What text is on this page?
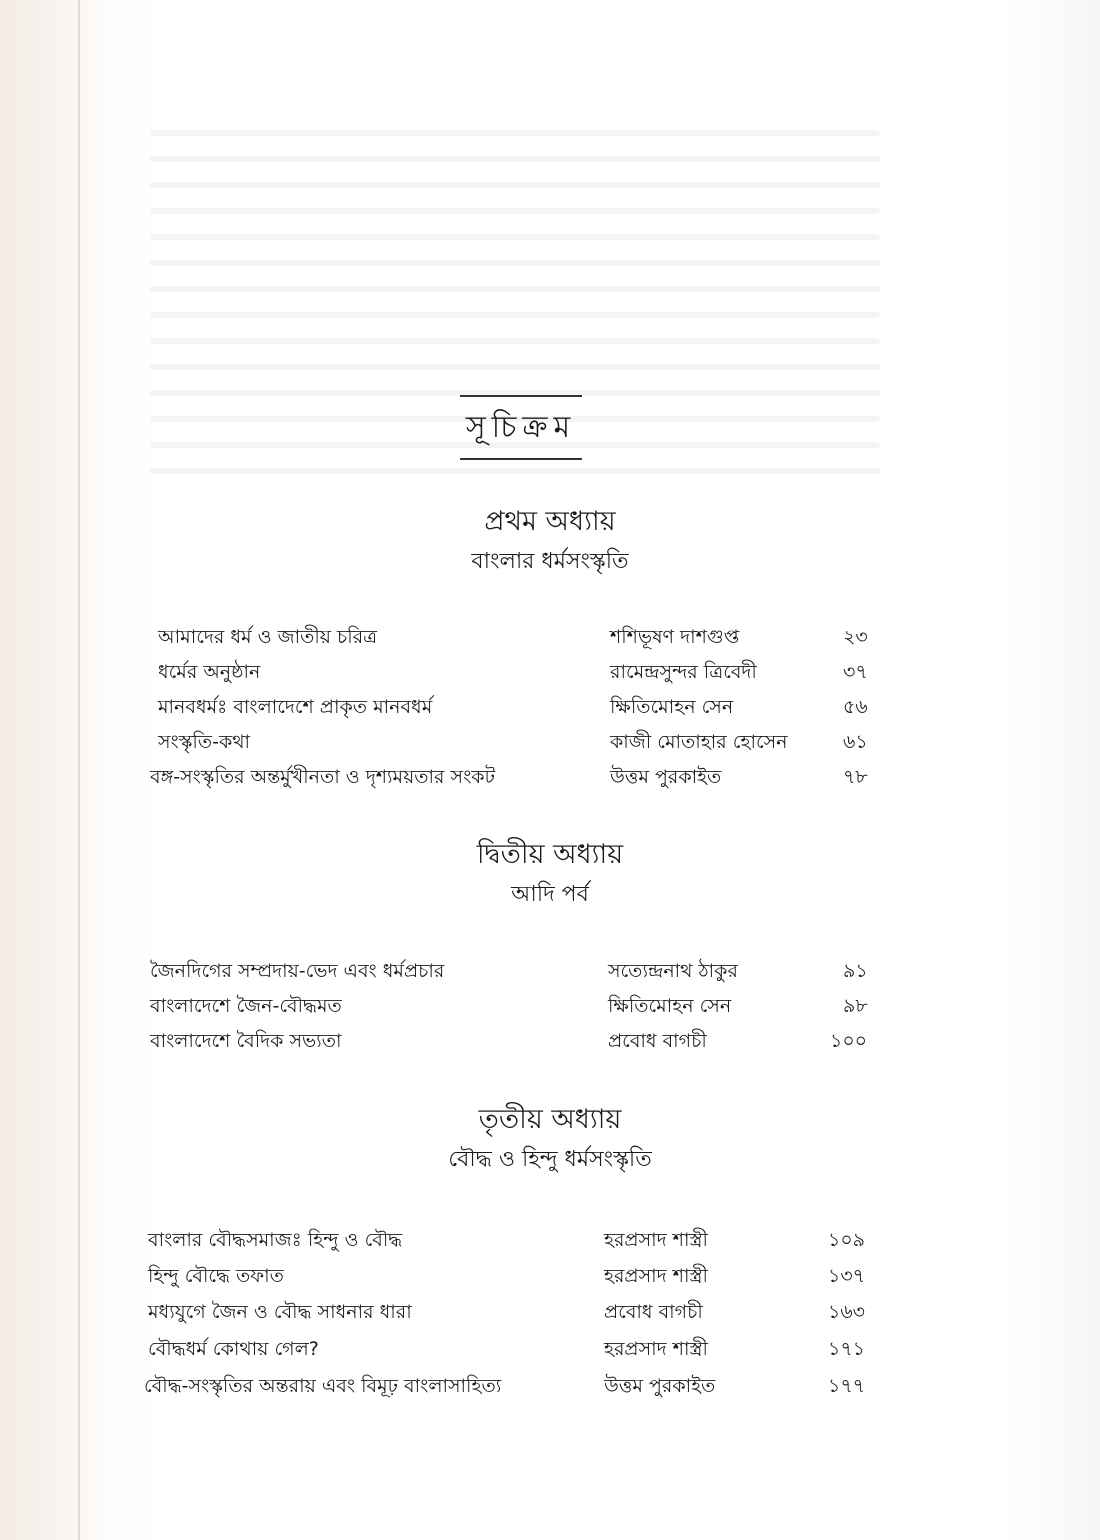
সূচিক্রম
প্রথম অধ্যায়
বাংলার ধর্মসংস্কৃতি
দ্বিতীয় অধ্যায়
আদি পর্ব
তৃতীয় অধ্যায়
বৌদ্ধ ও হিন্দু ধর্মসংস্কৃতি
আমাদের ধর্ম ও জাতীয় চরিত্র	শশিভূষণ দাশগুপ্ত	২৩
ধর্মের অনুষ্ঠান	রামেন্দ্রসুন্দর ত্রিবেদী	৩৭
মানবধর্মঃ বাংলাদেশে প্রাকৃত মানবধর্ম	ক্ষিতিমোহন সেন	৫৬
সংস্কৃতি-কথা	কাজী মোতাহার হোসেন	৬১
বঙ্গ-সংস্কৃতির অন্তর্মুখীনতা ও দৃশ্যময়তার সংকট	উত্তম পুরকাইত	৭৮
জৈনদিগের সম্প্রদায়-ভেদ এবং ধর্মপ্রচার	সত্যেন্দ্রনাথ ঠাকুর	৯১
বাংলাদেশে জৈন-বৌদ্ধমত	ক্ষিতিমোহন সেন	৯৮
বাংলাদেশে বৈদিক সভ্যতা	প্রবোধ বাগচী	১০০
বাংলার বৌদ্ধসমাজঃ হিন্দু ও বৌদ্ধ	হরপ্রসাদ শাস্ত্রী	১০৯
হিন্দু বৌদ্ধে তফাত	হরপ্রসাদ শাস্ত্রী	১৩৭
মধ্যযুগে জৈন ও বৌদ্ধ সাধনার ধারা	প্রবোধ বাগচী	১৬৩
বৌদ্ধধর্ম কোথায় গেল?	হরপ্রসাদ শাস্ত্রী	১৭১
বৌদ্ধ-সংস্কৃতির অন্তরায় এবং বিমূঢ় বাংলাসাহিত্য	উত্তম পুরকাইত	১৭৭
